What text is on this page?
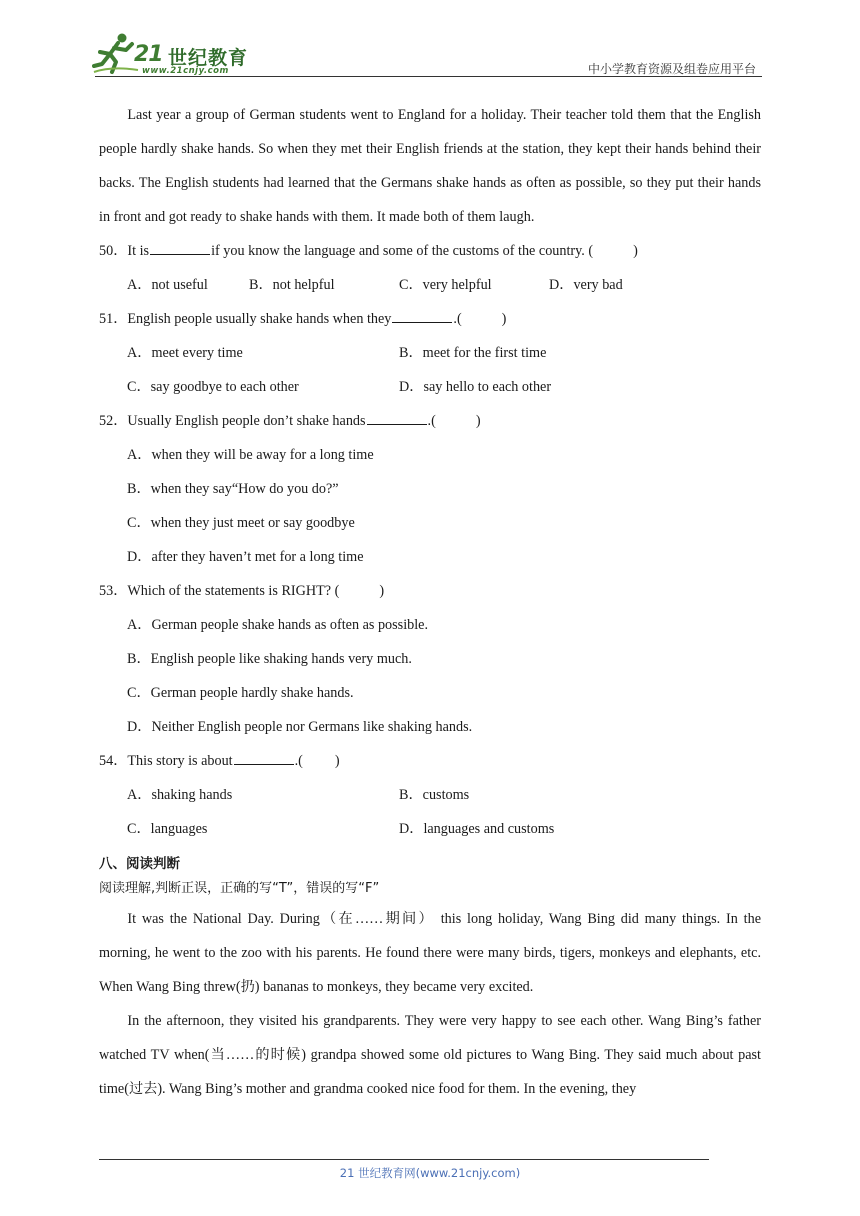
21 世纪教育
www.21cnjy.com	中小学教育资源及组卷应用平台

Last year a group of German students went to England for a holiday. Their teacher told them that the English people hardly shake hands. So when they met their English friends at the station, they kept their hands behind their backs. The English students had learned that the Germans shake hands as often as possible, so they put their hands in front and got ready to shake hands with them. It made both of them laugh.

50．It is	if you know the language and some of the customs of the country. (	)
A．not useful	B．not helpful	C．very helpful	D．very bad
51．English people usually shake hands when they	.(	)
A．meet every time	B．meet for the first time
C．say goodbye to each other	D．say hello to each other
52．Usually English people don’t shake hands	.(	)
A．when they will be away for a long time
B．when they say“How do you do?”
C．when they just meet or say goodbye
D．after they haven’t met for a long time
53．Which of the statements is RIGHT? (	)
A．German people shake hands as often as possible.
B．English people like shaking hands very much.
C．German people hardly shake hands.
D．Neither English people nor Germans like shaking hands.
54．This story is about	.( )
A．shaking hands	B．customs
C．languages	D．languages and customs
八、阅读判断
阅读理解,判断正误，正确的写“T”，错误的写“F”

It was the National Day. During（在……期间） this long holiday, Wang Bing did many things. In the morning, he went to the zoo with his parents. He found there were many birds, tigers, monkeys and elephants, etc. When Wang Bing threw(扔) bananas to monkeys, they became very excited.

In the afternoon, they visited his grandparents. They were very happy to see each other. Wang Bing’s father watched TV when(当……的时候) grandpa showed some old pictures to Wang Bing. They said much about past time(过去). Wang Bing’s mother and grandma cooked nice food for them. In the evening, they

21 世纪教育网(www.21cnjy.com)
